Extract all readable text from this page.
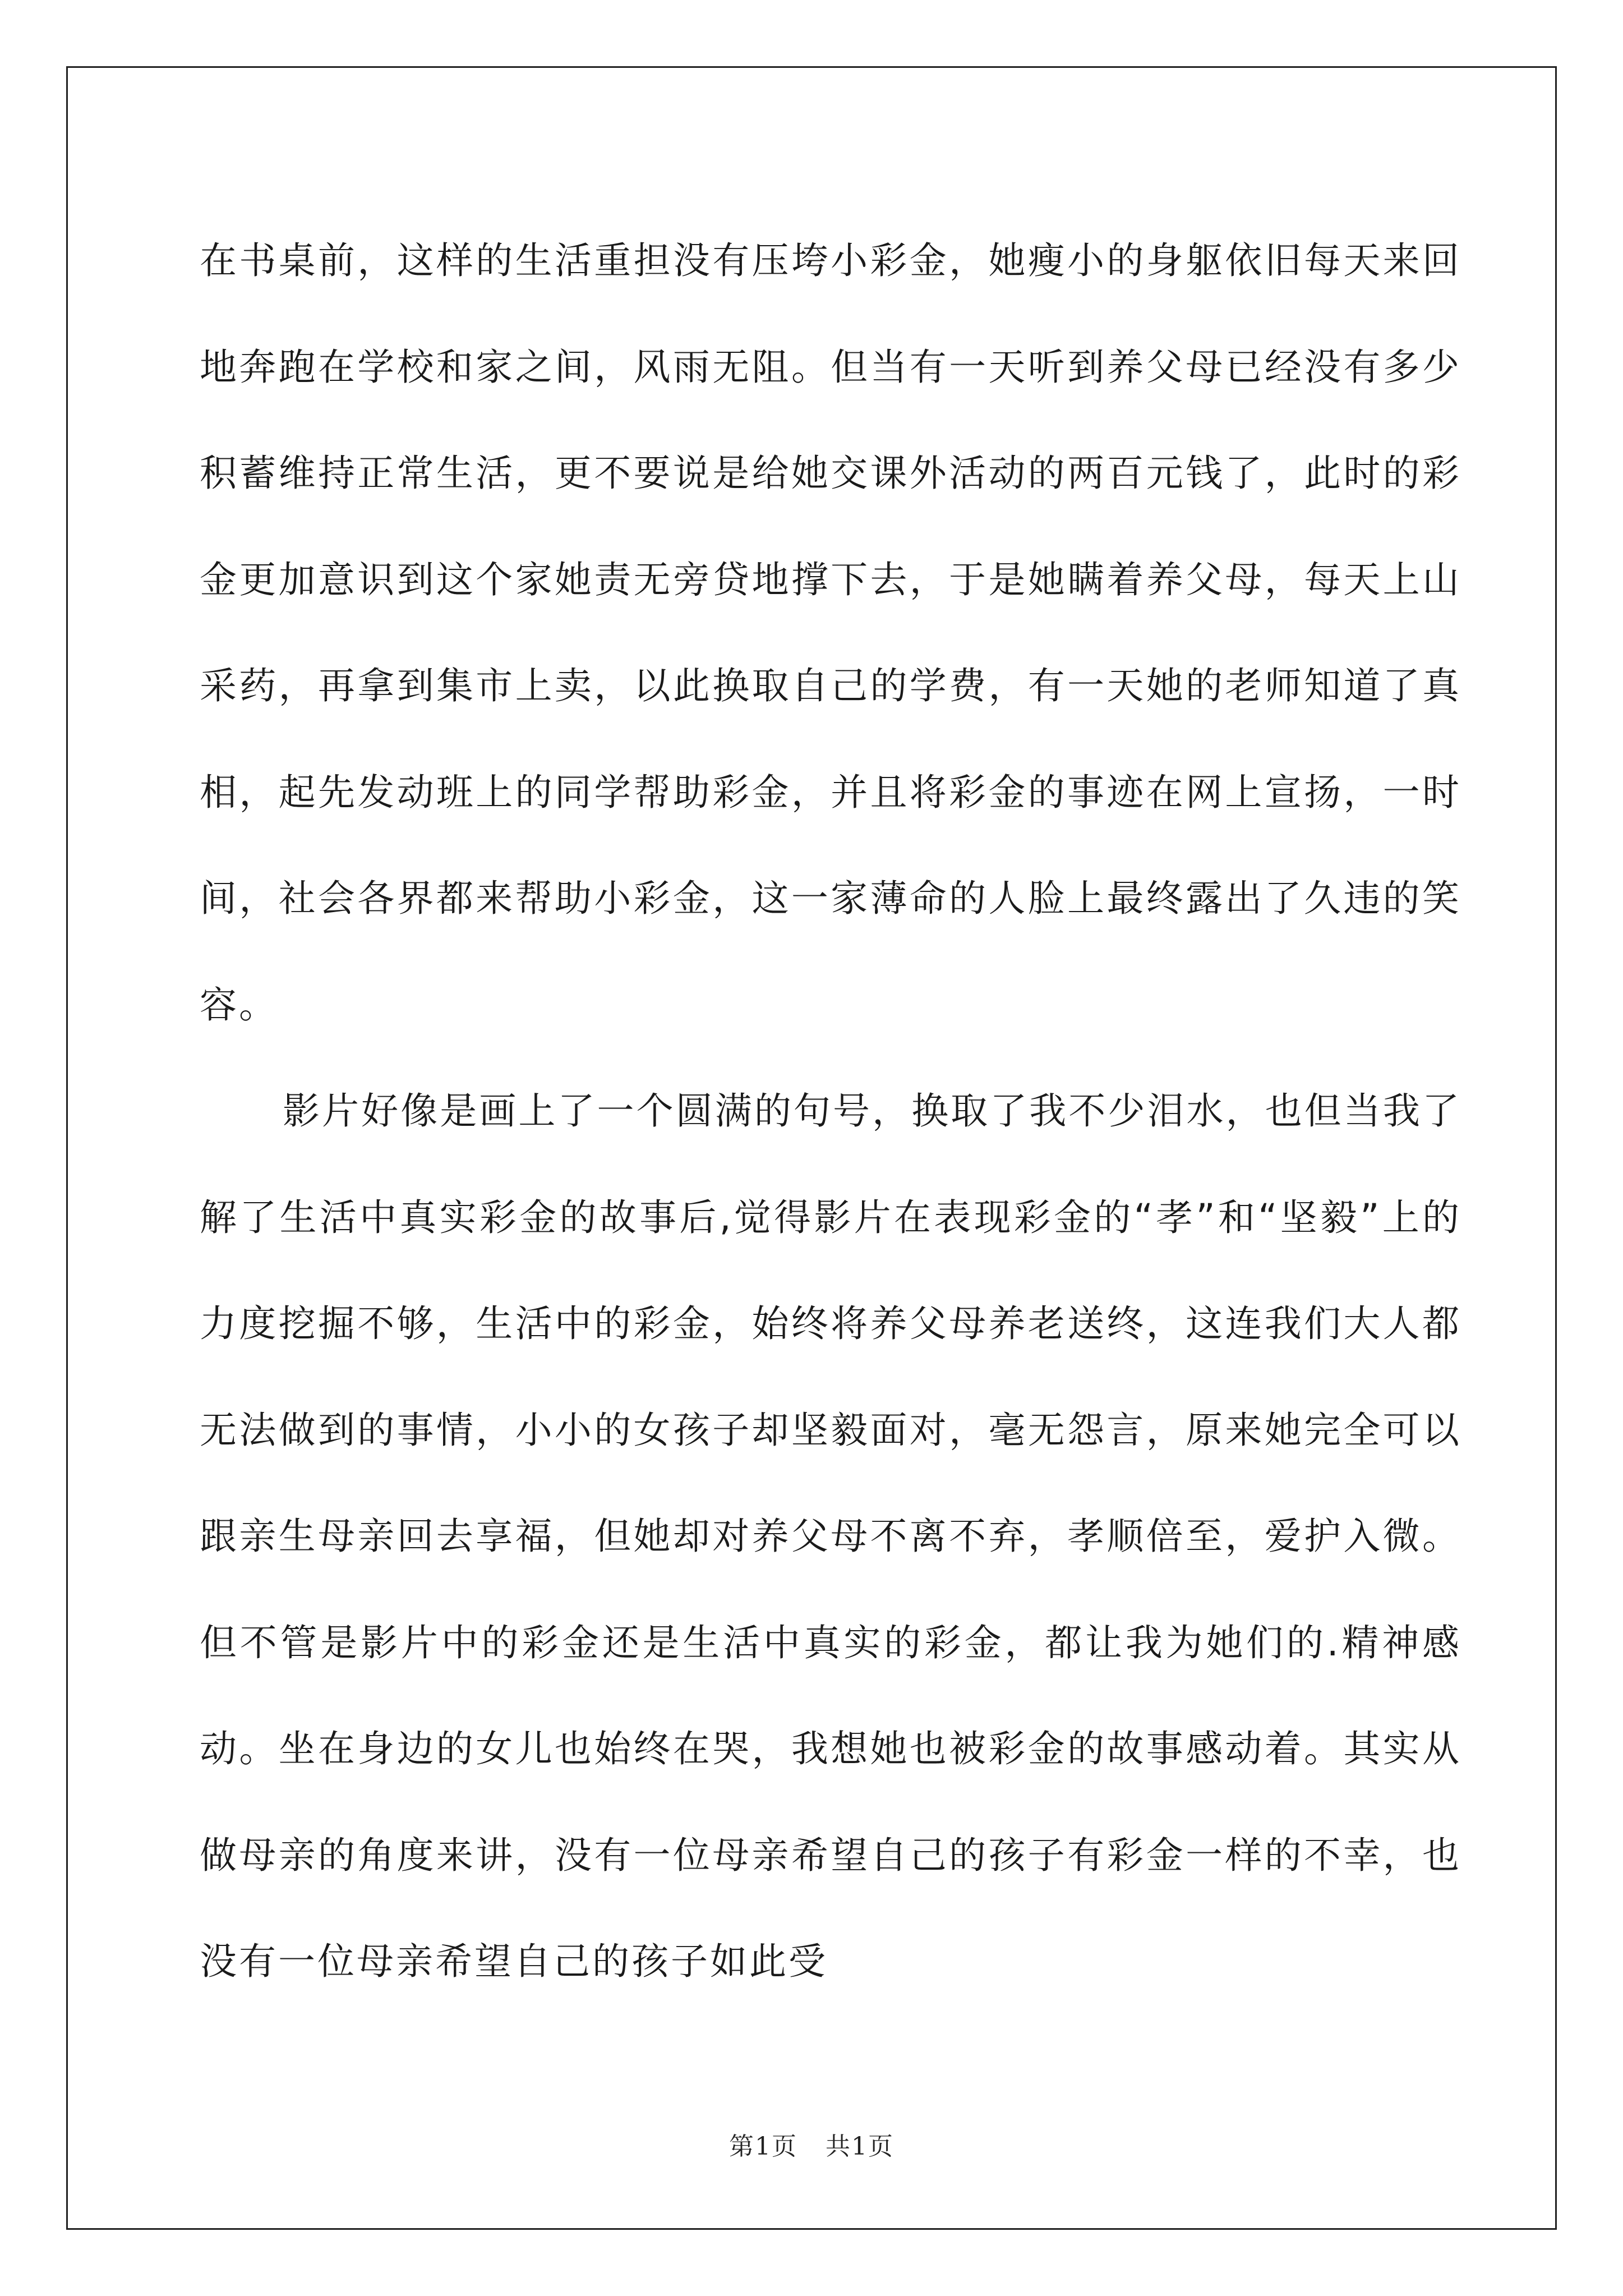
在书桌前，这样的生活重担没有压垮小彩金，她瘦小的身躯依旧每天来回地奔跑在学校和家之间，风雨无阻。但当有一天听到养父母已经没有多少积蓄维持正常生活，更不要说是给她交课外活动的两百元钱了，此时的彩金更加意识到这个家她责无旁贷地撑下去，于是她瞒着养父母，每天上山采药，再拿到集市上卖，以此换取自己的学费，有一天她的老师知道了真相，起先发动班上的同学帮助彩金，并且将彩金的事迹在网上宣扬，一时间，社会各界都来帮助小彩金，这一家薄命的人脸上最终露出了久违的笑容。

影片好像是画上了一个圆满的句号，换取了我不少泪水，也但当我了解了生活中真实彩金的故事后,觉得影片在表现彩金的“孝”和“坚毅”上的力度挖掘不够，生活中的彩金，始终将养父母养老送终，这连我们大人都无法做到的事情，小小的女孩子却坚毅面对，毫无怨言，原来她完全可以跟亲生母亲回去享福，但她却对养父母不离不弃，孝顺倍至，爱护入微。但不管是影片中的彩金还是生活中真实的彩金，都让我为她们的.精神感动。坐在身边的女儿也始终在哭，我想她也被彩金的故事感动着。其实从做母亲的角度来讲，没有一位母亲希望自己的孩子有彩金一样的不幸，也没有一位母亲希望自己的孩子如此受

第1页 共1页
